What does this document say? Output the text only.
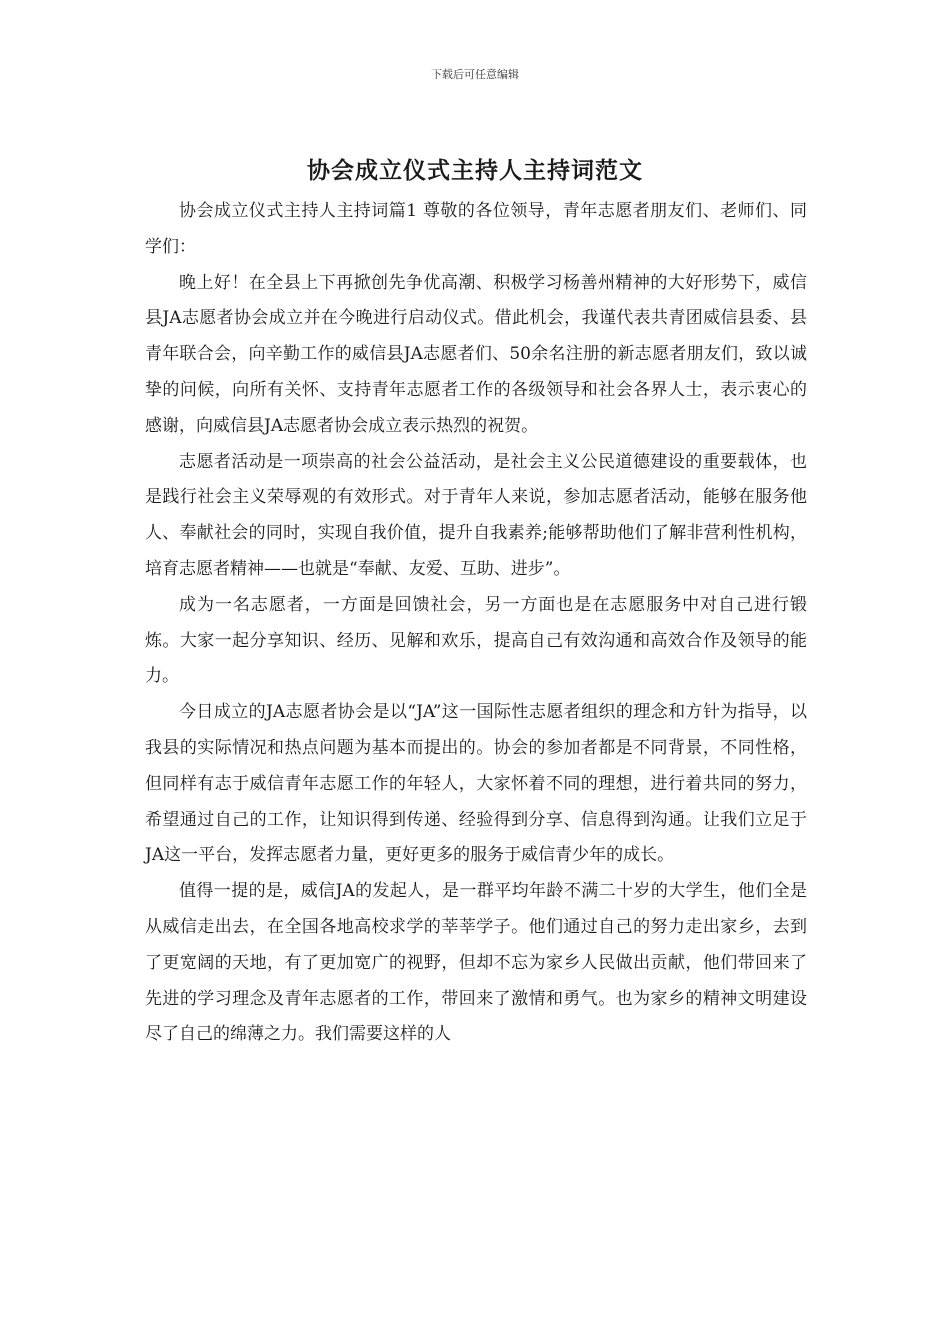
下载后可任意编辑
协会成立仪式主持人主持词范文

协会成立仪式主持人主持词篇1 尊敬的各位领导，青年志愿者朋友们、老师们、同学们：

晚上好！在全县上下再掀创先争优高潮、积极学习杨善州精神的大好形势下，威信县JA志愿者协会成立并在今晚进行启动仪式。借此机会，我谨代表共青团威信县委、县青年联合会，向辛勤工作的威信县JA志愿者们、50余名注册的新志愿者朋友们，致以诚挚的问候，向所有关怀、支持青年志愿者工作的各级领导和社会各界人士，表示衷心的感谢，向威信县JA志愿者协会成立表示热烈的祝贺。

志愿者活动是一项崇高的社会公益活动，是社会主义公民道德建设的重要载体，也是践行社会主义荣辱观的有效形式。对于青年人来说，参加志愿者活动，能够在服务他人、奉献社会的同时，实现自我价值，提升自我素养;能够帮助他们了解非营利性机构，培育志愿者精神——也就是“奉献、友爱、互助、进步”。

成为一名志愿者，一方面是回馈社会，另一方面也是在志愿服务中对自己进行锻炼。大家一起分享知识、经历、见解和欢乐，提高自己有效沟通和高效合作及领导的能力。

今日成立的JA志愿者协会是以“JA”这一国际性志愿者组织的理念和方针为指导，以我县的实际情况和热点问题为基本而提出的。协会的参加者都是不同背景，不同性格，但同样有志于威信青年志愿工作的年轻人，大家怀着不同的理想，进行着共同的努力，希望通过自己的工作，让知识得到传递、经验得到分享、信息得到沟通。让我们立足于JA这一平台，发挥志愿者力量，更好更多的服务于威信青少年的成长。

值得一提的是，威信JA的发起人，是一群平均年龄不满二十岁的大学生，他们全是从威信走出去，在全国各地高校求学的莘莘学子。他们通过自己的努力走出家乡，去到了更宽阔的天地，有了更加宽广的视野，但却不忘为家乡人民做出贡献，他们带回来了先进的学习理念及青年志愿者的工作，带回来了激情和勇气。也为家乡的精神文明建设尽了自己的绵薄之力。我们需要这样的人
